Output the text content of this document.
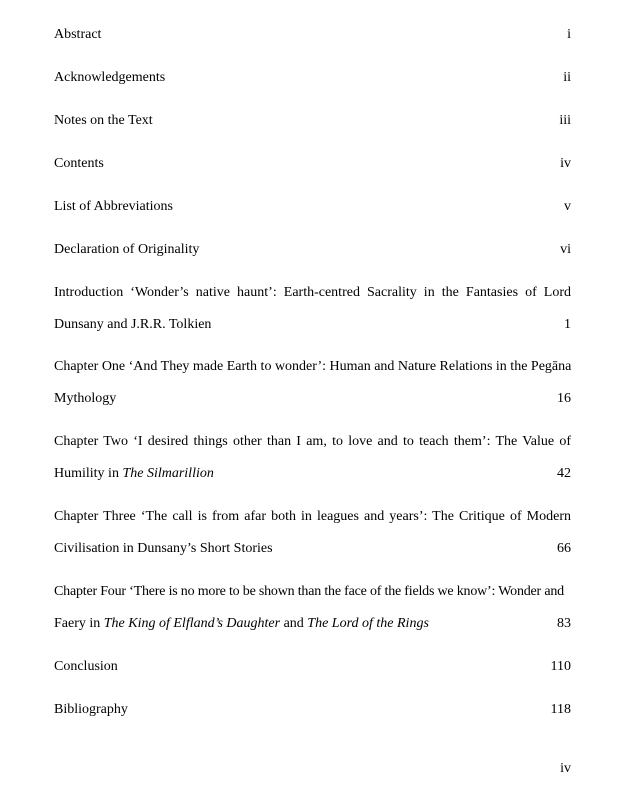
Abstract	i
Acknowledgements	ii
Notes on the Text	iii
Contents	iv
List of Abbreviations	v
Declaration of Originality	vi
Introduction ‘Wonder’s native haunt’: Earth-centred Sacrality in the Fantasies of Lord
Dunsany and J.R.R. Tolkien	1
Chapter One ‘And They made Earth to wonder’: Human and Nature Relations in the Pegāna
Mythology	16
Chapter Two ‘I desired things other than I am, to love and to teach them’: The Value of
Humility in The Silmarillion	42
Chapter Three ‘The call is from afar both in leagues and years’: The Critique of Modern
Civilisation in Dunsany’s Short Stories	66
Chapter Four ‘There is no more to be shown than the face of the fields we know’: Wonder and
Faery in The King of Elfland’s Daughter and The Lord of the Rings	83
Conclusion	110
Bibliography	118
iv
